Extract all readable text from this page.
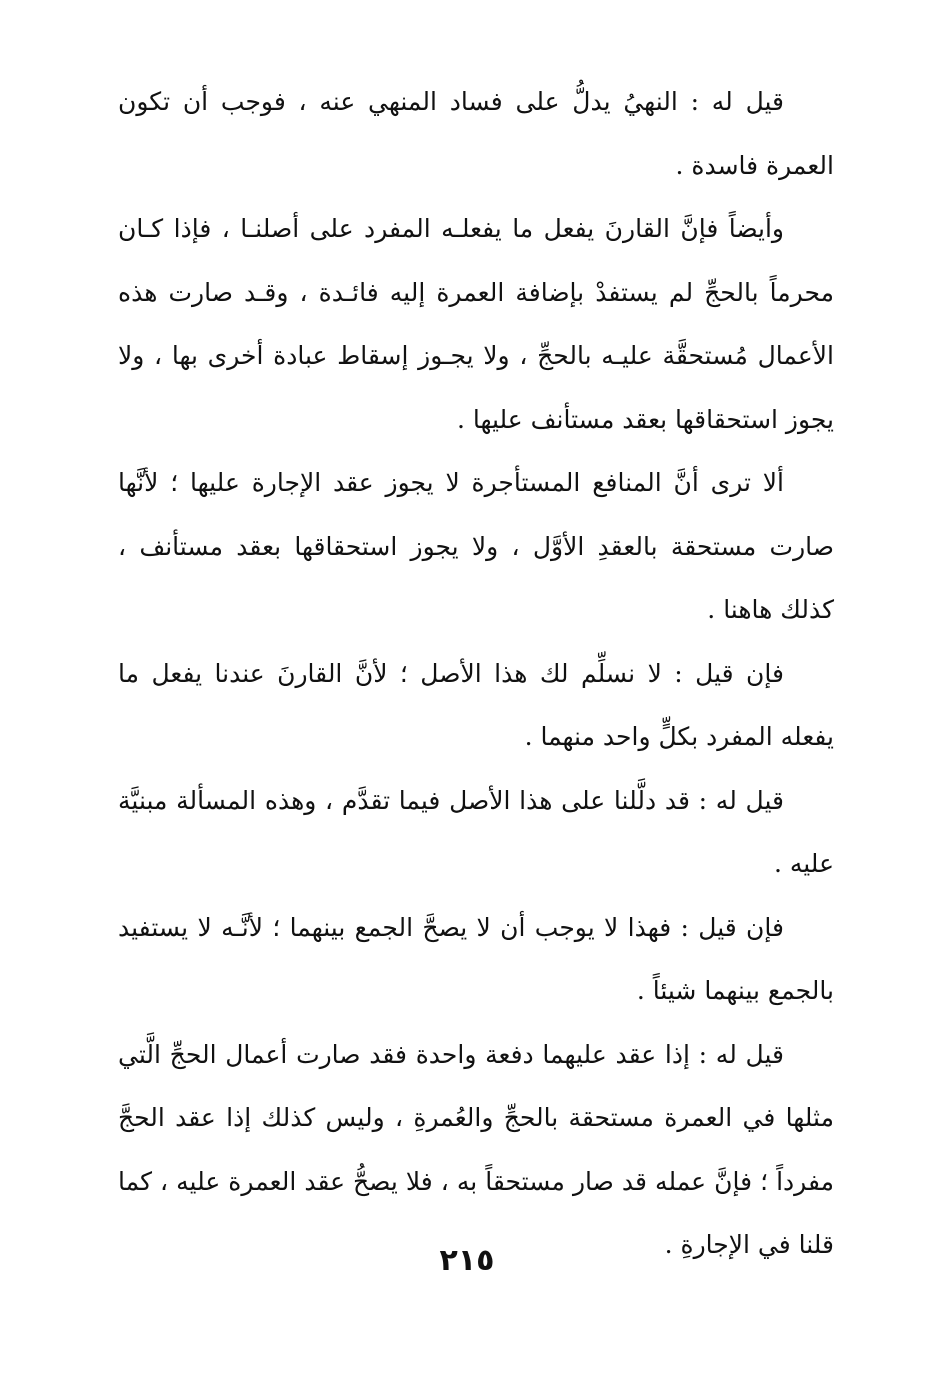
قيل له : النهيُ يدلُّ على فساد المنهي عنه ، فوجب أن تكون العمرة فاسدة .

وأيضاً فإنَّ القارنَ يفعل ما يفعلـه المفرد على أصلنـا ، فإذا كـان محرماً بالحجِّ لم يستفدْ بإضافة العمرة إليه فائـدة ، وقـد صارت هذه الأعمال مُستحقَّة عليـه بالحجِّ ، ولا يجـوز إسقاط عبادة أخرى بها ، ولا يجوز استحقاقها بعقد مستأنف عليها .

ألا ترى أنَّ المنافع المستأجرة لا يجوز عقد الإجارة عليها ؛ لأنَّها صارت مستحقة بالعقدِ الأوَّل ، ولا يجوز استحقاقها بعقد مستأنف ، كذلك هاهنا .

فإن قيل : لا نسلِّم لك هذا الأصل ؛ لأنَّ القارنَ عندنا يفعل ما يفعله المفرد بكلٍّ واحد منهما .

قيل له : قد دلَّلنا على هذا الأصل فيما تقدَّم ، وهذه المسألة مبنيَّة عليه .

فإن قيل : فهذا لا يوجب أن لا يصحَّ الجمع بينهما ؛ لأنَّـه لا يستفيد بالجمع بينهما شيئاً .

قيل له : إذا عقد عليهما دفعة واحدة فقد صارت أعمال الحجِّ الَّتي مثلها في العمرة مستحقة بالحجِّ والعُمرةِ ، وليس كذلك إذا عقد الحجَّ مفرداً ؛ فإنَّ عمله قد صار مستحقاً به ، فلا يصحُّ عقد العمرة عليه ، كما قلنا في الإجارةِ .

٢١٥
